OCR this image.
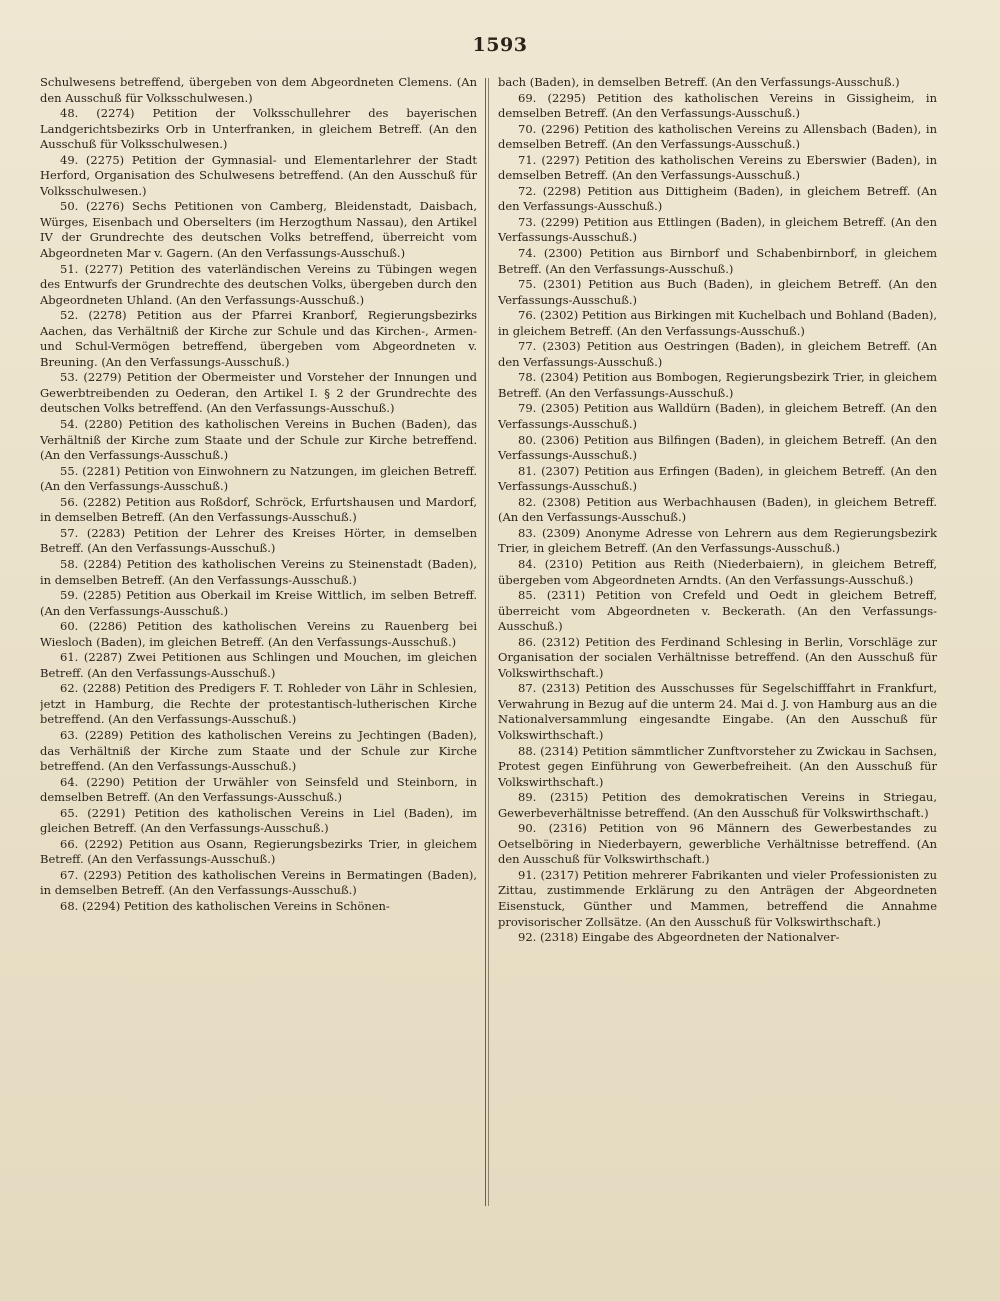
1593

Schulwesens betreffend, übergeben von dem Abgeordneten Clemens. (An den Ausschuß für Volksschulwesen.)

48. (2274) Petition der Volksschullehrer des bayerischen Landgerichtsbezirks Orb in Unterfranken, in gleichem Betreff. (An den Ausschuß für Volksschulwesen.)

49. (2275) Petition der Gymnasial- und Elementarlehrer der Stadt Herford, Organisation des Schulwesens betreffend. (An den Ausschuß für Volksschulwesen.)

50. (2276) Sechs Petitionen von Camberg, Bleidenstadt, Daisbach, Würges, Eisenbach und Oberselters (im Herzogthum Nassau), den Artikel IV der Grundrechte des deutschen Volks betreffend, überreicht vom Abgeordneten Mar v. Gagern. (An den Verfassungs-Ausschuß.)

51. (2277) Petition des vaterländischen Vereins zu Tübingen wegen des Entwurfs der Grundrechte des deutschen Volks, übergeben durch den Abgeordneten Uhland. (An den Verfassungs-Ausschuß.)

52. (2278) Petition aus der Pfarrei Kranborf, Regierungsbezirks Aachen, das Verhältniß der Kirche zur Schule und das Kirchen-, Armen- und Schul-Vermögen betreffend, übergeben vom Abgeordneten v. Breuning. (An den Verfassungs-Ausschuß.)

53. (2279) Petition der Obermeister und Vorsteher der Innungen und Gewerbtreibenden zu Oederan, den Artikel I. § 2 der Grundrechte des deutschen Volks betreffend. (An den Verfassungs-Ausschuß.)

54. (2280) Petition des katholischen Vereins in Buchen (Baden), das Verhältniß der Kirche zum Staate und der Schule zur Kirche betreffend. (An den Verfassungs-Ausschuß.)

55. (2281) Petition von Einwohnern zu Natzungen, im gleichen Betreff. (An den Verfassungs-Ausschuß.)

56. (2282) Petition aus Roßdorf, Schröck, Erfurtshausen und Mardorf, in demselben Betreff. (An den Verfassungs-Ausschuß.)

57. (2283) Petition der Lehrer des Kreises Hörter, in demselben Betreff. (An den Verfassungs-Ausschuß.)

58. (2284) Petition des katholischen Vereins zu Steinenstadt (Baden), in demselben Betreff. (An den Verfassungs-Ausschuß.)

59. (2285) Petition aus Oberkail im Kreise Wittlich, im selben Betreff. (An den Verfassungs-Ausschuß.)

60. (2286) Petition des katholischen Vereins zu Rauenberg bei Wiesloch (Baden), im gleichen Betreff. (An den Verfassungs-Ausschuß.)

61. (2287) Zwei Petitionen aus Schlingen und Mouchen, im gleichen Betreff. (An den Verfassungs-Ausschuß.)

62. (2288) Petition des Predigers F. T. Rohleder von Lähr in Schlesien, jetzt in Hamburg, die Rechte der protestantisch-lutherischen Kirche betreffend. (An den Verfassungs-Ausschuß.)

63. (2289) Petition des katholischen Vereins zu Jechtingen (Baden), das Verhältniß der Kirche zum Staate und der Schule zur Kirche betreffend. (An den Verfassungs-Ausschuß.)

64. (2290) Petition der Urwähler von Seinsfeld und Steinborn, in demselben Betreff. (An den Verfassungs-Ausschuß.)

65. (2291) Petition des katholischen Vereins in Liel (Baden), im gleichen Betreff. (An den Verfassungs-Ausschuß.)

66. (2292) Petition aus Osann, Regierungsbezirks Trier, in gleichem Betreff. (An den Verfassungs-Ausschuß.)

67. (2293) Petition des katholischen Vereins in Bermatingen (Baden), in demselben Betreff. (An den Verfassungs-Ausschuß.)

68. (2294) Petition des katholischen Vereins in Schönen-

bach (Baden), in demselben Betreff. (An den Verfassungs-Ausschuß.)

69. (2295) Petition des katholischen Vereins in Gissigheim, in demselben Betreff. (An den Verfassungs-Ausschuß.)

70. (2296) Petition des katholischen Vereins zu Allensbach (Baden), in demselben Betreff. (An den Verfassungs-Ausschuß.)

71. (2297) Petition des katholischen Vereins zu Eberswier (Baden), in demselben Betreff. (An den Verfassungs-Ausschuß.)

72. (2298) Petition aus Dittigheim (Baden), in gleichem Betreff. (An den Verfassungs-Ausschuß.)

73. (2299) Petition aus Ettlingen (Baden), in gleichem Betreff. (An den Verfassungs-Ausschuß.)

74. (2300) Petition aus Birnborf und Schabenbirnborf, in gleichem Betreff. (An den Verfassungs-Ausschuß.)

75. (2301) Petition aus Buch (Baden), in gleichem Betreff. (An den Verfassungs-Ausschuß.)

76. (2302) Petition aus Birkingen mit Kuchelbach und Bohland (Baden), in gleichem Betreff. (An den Verfassungs-Ausschuß.)

77. (2303) Petition aus Oestringen (Baden), in gleichem Betreff. (An den Verfassungs-Ausschuß.)

78. (2304) Petition aus Bombogen, Regierungsbezirk Trier, in gleichem Betreff. (An den Verfassungs-Ausschuß.)

79. (2305) Petition aus Walldürn (Baden), in gleichem Betreff. (An den Verfassungs-Ausschuß.)

80. (2306) Petition aus Bilfingen (Baden), in gleichem Betreff. (An den Verfassungs-Ausschuß.)

81. (2307) Petition aus Erfingen (Baden), in gleichem Betreff. (An den Verfassungs-Ausschuß.)

82. (2308) Petition aus Werbachhausen (Baden), in gleichem Betreff. (An den Verfassungs-Ausschuß.)

83. (2309) Anonyme Adresse von Lehrern aus dem Regierungsbezirk Trier, in gleichem Betreff. (An den Verfassungs-Ausschuß.)

84. (2310) Petition aus Reith (Niederbaiern), in gleichem Betreff, übergeben vom Abgeordneten Arndts. (An den Verfassungs-Ausschuß.)

85. (2311) Petition von Crefeld und Oedt in gleichem Betreff, überreicht vom Abgeordneten v. Beckerath. (An den Verfassungs-Ausschuß.)

86. (2312) Petition des Ferdinand Schlesing in Berlin, Vorschläge zur Organisation der socialen Verhältnisse betreffend. (An den Ausschuß für Volkswirthschaft.)

87. (2313) Petition des Ausschusses für Segelschifffahrt in Frankfurt, Verwahrung in Bezug auf die unterm 24. Mai d. J. von Hamburg aus an die Nationalversammlung eingesandte Eingabe. (An den Ausschuß für Volkswirthschaft.)

88. (2314) Petition sämmtlicher Zunftvorsteher zu Zwickau in Sachsen, Protest gegen Einführung von Gewerbefreiheit. (An den Ausschuß für Volkswirthschaft.)

89. (2315) Petition des demokratischen Vereins in Striegau, Gewerbeverhältnisse betreffend. (An den Ausschuß für Volkswirthschaft.)

90. (2316) Petition von 96 Männern des Gewerbestandes zu Oetselböring in Niederbayern, gewerbliche Verhältnisse betreffend. (An den Ausschuß für Volkswirthschaft.)

91. (2317) Petition mehrerer Fabrikanten und vieler Professionisten zu Zittau, zustimmende Erklärung zu den Anträgen der Abgeordneten Eisenstuck, Günther und Mammen, betreffend die Annahme provisorischer Zollsätze. (An den Ausschuß für Volkswirthschaft.)

92. (2318) Eingabe des Abgeordneten der Nationalver-
